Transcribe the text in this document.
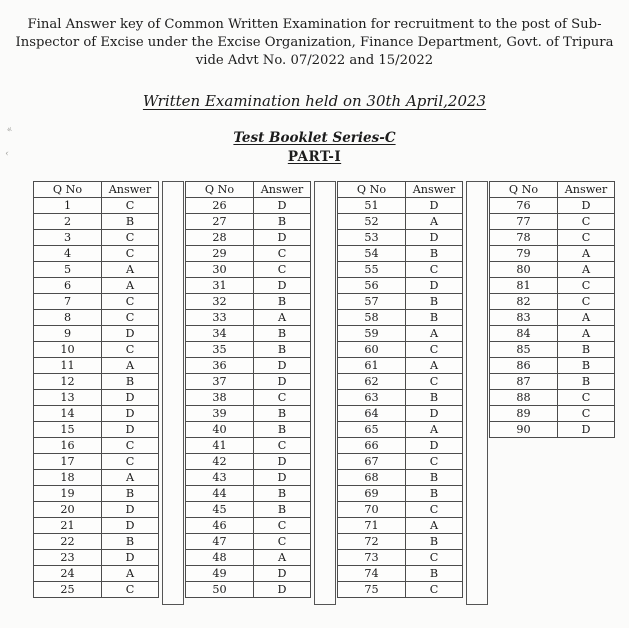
«
‹
Final Answer key of Common Written Examination for recruitment to the post of Sub-
Inspector of Excise under the Excise Organization, Finance Department, Govt. of Tripura
vide Advt No. 07/2022 and 15/2022
Written Examination held on 30th April,2023
Test Booklet Series-C
PART-I
Q No	Answer
1	C
2	B
3	C
4	C
5	A
6	A
7	C
8	C
9	D
10	C
11	A
12	B
13	D
14	D
15	D
16	C
17	C
18	A
19	B
20	D
21	D
22	B
23	D
24	A
25	C
Q No	Answer
26	D
27	B
28	D
29	C
30	C
31	D
32	B
33	A
34	B
35	B
36	D
37	D
38	C
39	B
40	B
41	C
42	D
43	D
44	B
45	B
46	C
47	C
48	A
49	D
50	D
Q No	Answer
51	D
52	A
53	D
54	B
55	C
56	D
57	B
58	B
59	A
60	C
61	A
62	C
63	B
64	D
65	A
66	D
67	C
68	B
69	B
70	C
71	A
72	B
73	C
74	B
75	C
Q No	Answer
76	D
77	C
78	C
79	A
80	A
81	C
82	C
83	A
84	A
85	B
86	B
87	B
88	C
89	C
90	D
